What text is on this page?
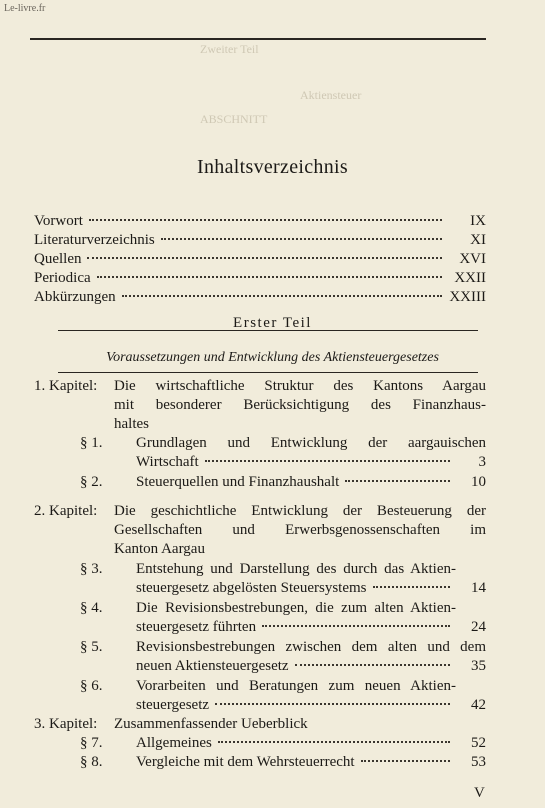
Le-livre.fr
Zweiter Teil
Aktiensteuer
ABSCHNITT
Inhaltsverzeichnis
Vorwort	IX
Literaturverzeichnis	XI
Quellen	XVI
Periodica	XXII
Abkürzungen	XXIII
Erster Teil
Voraussetzungen und Entwicklung des Aktiensteuergesetzes
1. Kapitel: Die wirtschaftliche Struktur des Kantons Aargau
mit besonderer Berücksichtigung des Finanzhaus-
haltes
§ 1. Grundlagen und Entwicklung der aargauischen
Wirtschaft	3
§ 2. Steuerquellen und Finanzhaushalt	10
2. Kapitel: Die geschichtliche Entwicklung der Besteuerung der
Gesellschaften und Erwerbsgenossenschaften im
Kanton Aargau
§ 3. Entstehung und Darstellung des durch das Aktien-
steuergesetz abgelösten Steuersystems	14
§ 4. Die Revisionsbestrebungen, die zum alten Aktien-
steuergesetz führten	24
§ 5. Revisionsbestrebungen zwischen dem alten und dem
neuen Aktiensteuergesetz	35
§ 6. Vorarbeiten und Beratungen zum neuen Aktien-
steuergesetz	42
3. Kapitel: Zusammenfassender Ueberblick
§ 7. Allgemeines	52
§ 8. Vergleiche mit dem Wehrsteuerrecht	53
V
